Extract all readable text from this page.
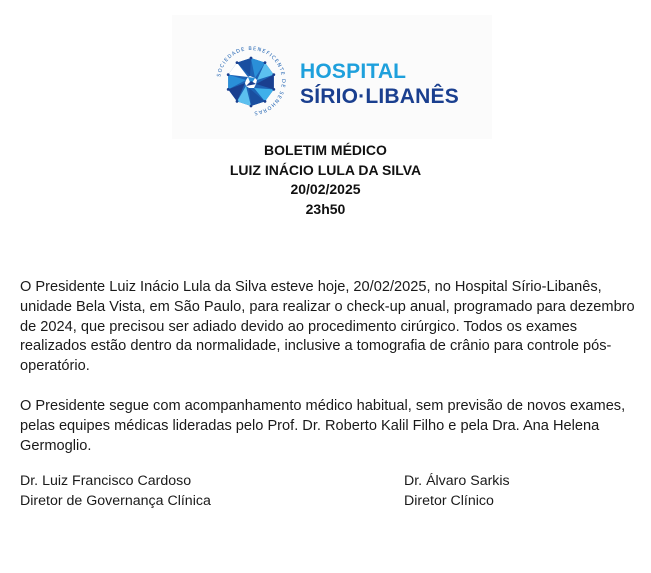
SOCIEDADE BENEFICENTE DE SENHORAS
HOSPITAL
SÍRIO·LIBANÊS
BOLETIM MÉDICO
LUIZ INÁCIO LULA DA SILVA
20/02/2025
23h50
O Presidente Luiz Inácio Lula da Silva esteve hoje, 20/02/2025, no Hospital Sírio-Libanês, unidade Bela Vista, em São Paulo, para realizar o check-up anual, programado para dezembro de 2024, que precisou ser adiado devido ao procedimento cirúrgico. Todos os exames realizados estão dentro da normalidade, inclusive a tomografia de crânio para controle pós-operatório.
O Presidente segue com acompanhamento médico habitual, sem previsão de novos exames, pelas equipes médicas lideradas pelo Prof. Dr. Roberto Kalil Filho e pela Dra. Ana Helena Germoglio.
Dr. Luiz Francisco Cardoso
Diretor de Governança Clínica
Dr. Álvaro Sarkis
Diretor Clínico
